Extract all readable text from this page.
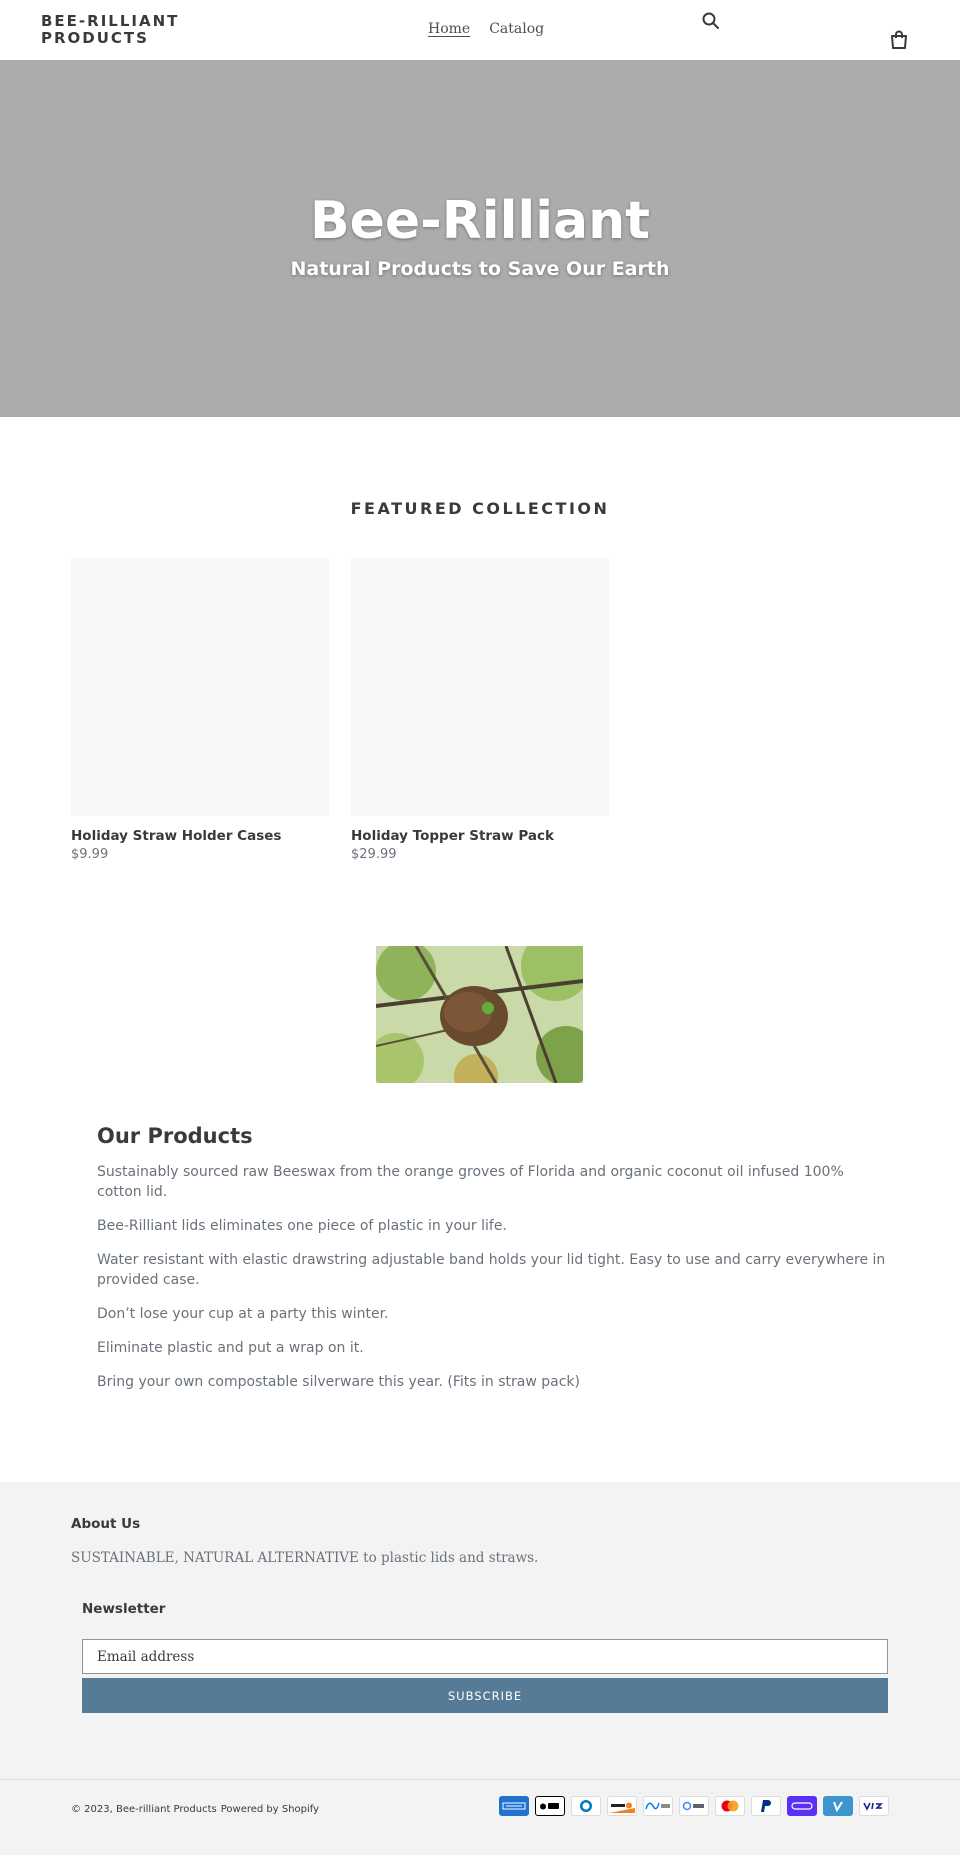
BEE-RILLIANT PRODUCTS	Home Catalog
Bee-Rilliant
Natural Products to Save Our Earth
FEATURED COLLECTION
Holiday Straw Holder Cases
$9.99
Holiday Topper Straw Pack
$29.99
Our Products

Sustainably sourced raw Beeswax from the orange groves of Florida and organic coconut oil infused 100% cotton lid.

Bee-Rilliant lids eliminates one piece of plastic in your life.

Water resistant with elastic drawstring adjustable band holds your lid tight. Easy to use and carry everywhere in provided case.

Don’t lose your cup at a party this winter.

Eliminate plastic and put a wrap on it.

Bring your own compostable silverware this year. (Fits in straw pack)

About Us
SUSTAINABLE, NATURAL ALTERNATIVE to plastic lids and straws.
Newsletter
Email address
SUBSCRIBE
© 2023, Bee-rilliant Products Powered by Shopify
